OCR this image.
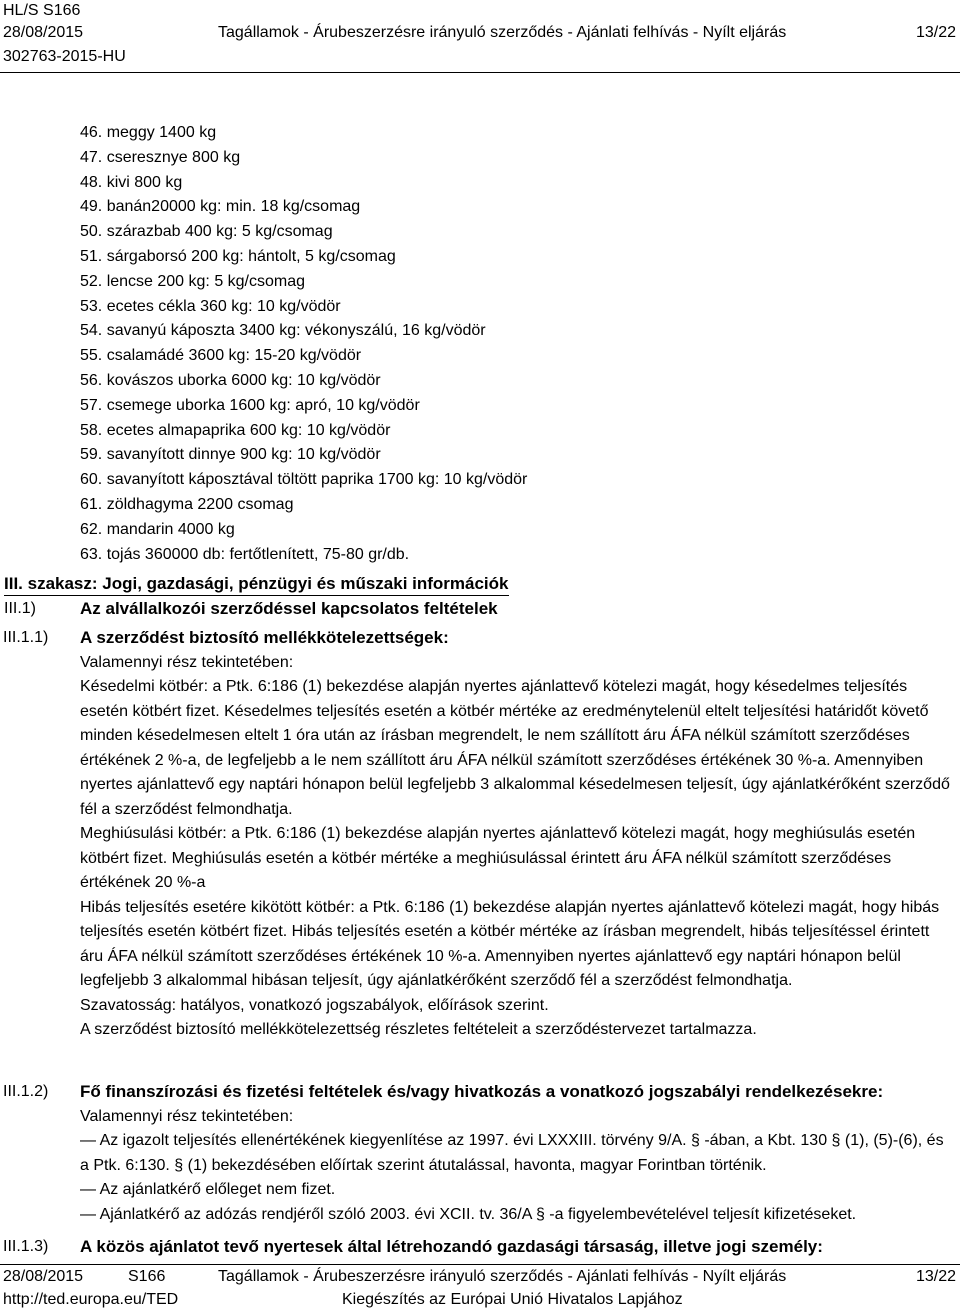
HL/S S166
28/08/2015	Tagállamok - Árubeszerzésre irányuló szerződés - Ajánlati felhívás - Nyílt eljárás	13/22
302763-2015-HU
46. meggy 1400 kg
47. cseresznye 800 kg
48. kivi 800 kg
49. banán20000 kg: min. 18 kg/csomag
50. szárazbab 400 kg: 5 kg/csomag
51. sárgaborsó 200 kg: hántolt, 5 kg/csomag
52. lencse 200 kg: 5 kg/csomag
53. ecetes cékla 360 kg: 10 kg/vödör
54. savanyú káposzta 3400 kg: vékonyszálú, 16 kg/vödör
55. csalamádé 3600 kg: 15-20 kg/vödör
56. kovászos uborka 6000 kg: 10 kg/vödör
57. csemege uborka 1600 kg: apró, 10 kg/vödör
58. ecetes almapaprika 600 kg: 10 kg/vödör
59. savanyított dinnye 900 kg: 10 kg/vödör
60. savanyított káposztával töltött paprika 1700 kg: 10 kg/vödör
61. zöldhagyma 2200 csomag
62. mandarin 4000 kg
63. tojás 360000 db: fertőtlenített, 75-80 gr/db.
III. szakasz: Jogi, gazdasági, pénzügyi és műszaki információk
III.1)	Az alvállalkozói szerződéssel kapcsolatos feltételek
III.1.1) A szerződést biztosító mellékkötelezettségek:

Valamennyi rész tekintetében:

Késedelmi kötbér: a Ptk. 6:186 (1) bekezdése alapján nyertes ajánlattevő kötelezi magát, hogy késedelmes teljesítés esetén kötbért fizet. Késedelmes teljesítés esetén a kötbér mértéke az eredménytelenül eltelt teljesítési határidőt követő minden késedelmesen eltelt 1 óra után az írásban megrendelt, le nem szállított áru ÁFA nélkül számított szerződéses értékének 2 %-a, de legfeljebb a le nem szállított áru ÁFA nélkül számított szerződéses értékének 30 %-a. Amennyiben nyertes ajánlattevő egy naptári hónapon belül legfeljebb 3 alkalommal késedelmesen teljesít, úgy ajánlatkérőként szerződő fél a szerződést felmondhatja.

Meghiúsulási kötbér: a Ptk. 6:186 (1) bekezdése alapján nyertes ajánlattevő kötelezi magát, hogy meghiúsulás esetén kötbért fizet. Meghiúsulás esetén a kötbér mértéke a meghiúsulással érintett áru ÁFA nélkül számított szerződéses értékének 20 %-a

Hibás teljesítés esetére kikötött kötbér: a Ptk. 6:186 (1) bekezdése alapján nyertes ajánlattevő kötelezi magát, hogy hibás teljesítés esetén kötbért fizet. Hibás teljesítés esetén a kötbér mértéke az írásban megrendelt, hibás teljesítéssel érintett áru ÁFA nélkül számított szerződéses értékének 10 %-a. Amennyiben nyertes ajánlattevő egy naptári hónapon belül legfeljebb 3 alkalommal hibásan teljesít, úgy ajánlatkérőként szerződő fél a szerződést felmondhatja.

Szavatosság: hatályos, vonatkozó jogszabályok, előírások szerint.

A szerződést biztosító mellékkötelezettség részletes feltételeit a szerződéstervezet tartalmazza.

III.1.2) Fő finanszírozási és fizetési feltételek és/vagy hivatkozás a vonatkozó jogszabályi rendelkezésekre:

Valamennyi rész tekintetében:

— Az igazolt teljesítés ellenértékének kiegyenlítése az 1997. évi LXXXIII. törvény 9/A. § -ában, a Kbt. 130 § (1), (5)-(6), és a Ptk. 6:130. § (1) bekezdésében előírtak szerint átutalással, havonta, magyar Forintban történik.

— Az ajánlatkérő előleget nem fizet.

— Ajánlatkérő az adózás rendjéről szóló 2003. évi XCII. tv. 36/A § -a figyelembevételével teljesít kifizetéseket.

III.1.3) A közös ajánlatot tevő nyertesek által létrehozandó gazdasági társaság, illetve jogi személy:

28/08/2015	S166	Tagállamok - Árubeszerzésre irányuló szerződés - Ajánlati felhívás - Nyílt eljárás	13/22
http://ted.europa.eu/TED	Kiegészítés az Európai Unió Hivatalos Lapjához
